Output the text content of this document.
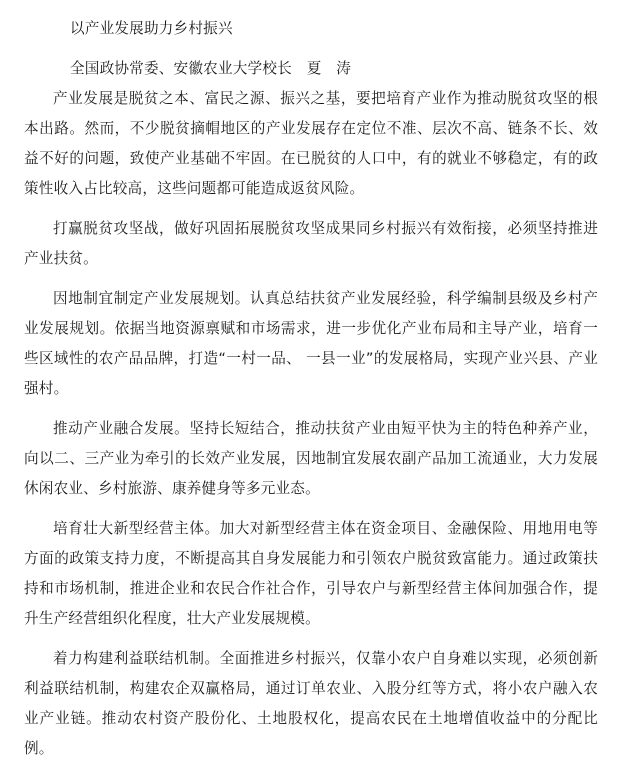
以产业发展助力乡村振兴
全国政协常委、安徽农业大学校长　夏　涛

产业发展是脱贫之本、富民之源、振兴之基，要把培育产业作为推动脱贫攻坚的根本出路。然而，不少脱贫摘帽地区的产业发展存在定位不准、层次不高、链条不长、效益不好的问题，致使产业基础不牢固。在已脱贫的人口中，有的就业不够稳定，有的政策性收入占比较高，这些问题都可能造成返贫风险。

打赢脱贫攻坚战，做好巩固拓展脱贫攻坚成果同乡村振兴有效衔接，必须坚持推进产业扶贫。

因地制宜制定产业发展规划。认真总结扶贫产业发展经验，科学编制县级及乡村产业发展规划。依据当地资源禀赋和市场需求，进一步优化产业布局和主导产业，培育一些区域性的农产品品牌，打造“一村一品、 一县一业”的发展格局，实现产业兴县、产业强村。

推动产业融合发展。坚持长短结合，推动扶贫产业由短平快为主的特色种养产业，向以二、三产业为牵引的长效产业发展，因地制宜发展农副产品加工流通业，大力发展休闲农业、乡村旅游、康养健身等多元业态。

培育壮大新型经营主体。加大对新型经营主体在资金项目、金融保险、用地用电等方面的政策支持力度，不断提高其自身发展能力和引领农户脱贫致富能力。通过政策扶持和市场机制，推进企业和农民合作社合作，引导农户与新型经营主体间加强合作，提升生产经营组织化程度，壮大产业发展规模。

着力构建利益联结机制。全面推进乡村振兴，仅靠小农户自身难以实现，必须创新利益联结机制，构建农企双赢格局，通过订单农业、入股分红等方式，将小农户融入农业产业链。推动农村资产股份化、土地股权化，提高农民在土地增值收益中的分配比例。
